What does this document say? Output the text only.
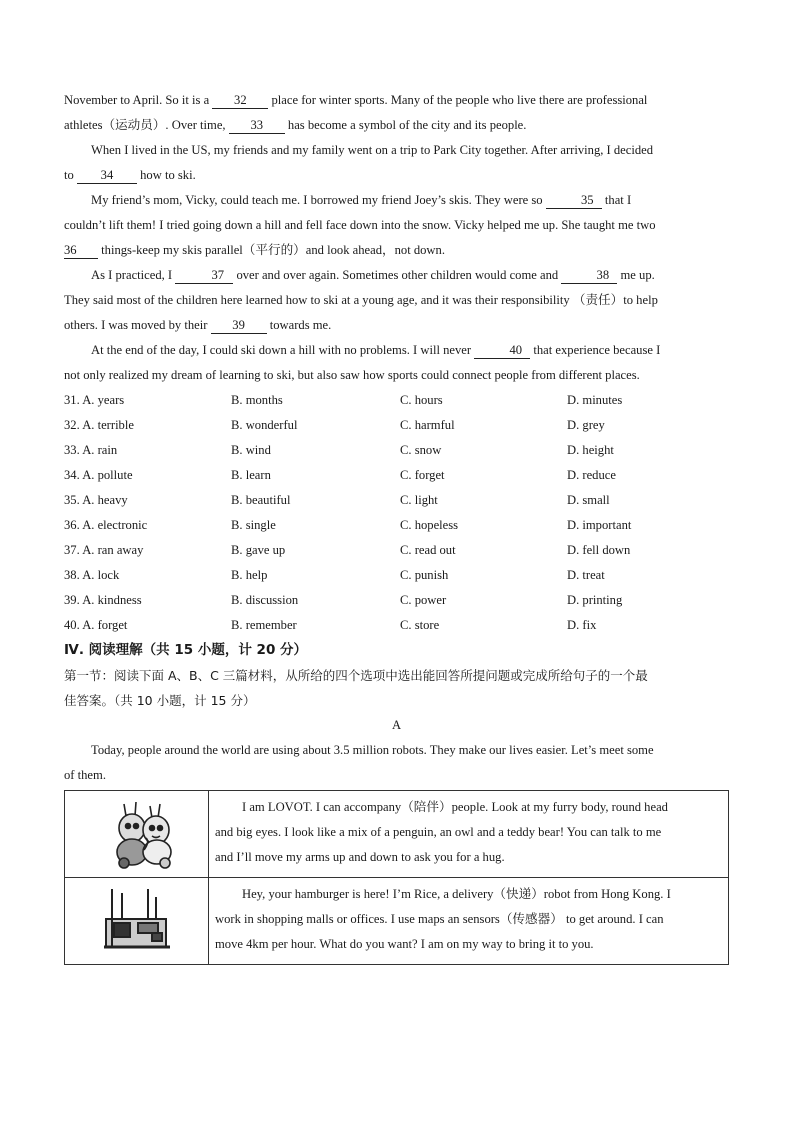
November to April. So it is a 32 place for winter sports. Many of the people who live there are professional

athletes（运动员）. Over time, 33 has become a symbol of the city and its people.

When I lived in the US, my friends and my family went on a trip to Park City together. After arriving, I decided

to 34 how to ski.

My friend’s mom, Vicky, could teach me. I borrowed my friend Joey’s skis. They were so	35 that I

couldn’t lift them! I tried going down a hill and fell face down into the snow. Vicky helped me up. She taught me two

36 things-keep my skis parallel（平行的）and look ahead，not down.

As I practiced, I	37 over and over again. Sometimes other children would come and	38 me up.

They said most of the children here learned how to ski at a young age, and it was their responsibility （责任）to help

others. I was moved by their 39 towards me.

At the end of the day, I could ski down a hill with no problems. I will never	40 that experience because I

not only realized my dream of learning to ski, but also saw how sports could connect people from different places.

31. A. years	B. months	C. hours	D. minutes
32. A. terrible	B. wonderful	C. harmful	D. grey
33. A. rain	B. wind	C. snow	D. height
34. A. pollute	B. learn	C. forget	D. reduce
35. A. heavy	B. beautiful	C. light	D. small
36. A. electronic	B. single	C. hopeless	D. important
37. A. ran away	B. gave up	C. read out	D. fell down
38. A. lock	B. help	C. punish	D. treat
39. A. kindness	B. discussion	C. power	D. printing
40. A. forget	B. remember	C. store	D. fix
Ⅳ. 阅读理解（共 15 小题，计 20 分）

第一节：阅读下面 A、B、C 三篇材料，从所给的四个选项中选出能回答所提问题或完成所给句子的一个最

佳答案。（共 10 小题，计 15 分）

A

Today, people around the world are using about 3.5 million robots. They make our lives easier. Let’s meet some

of them.

I am LOVOT. I can accompany（陪伴）people. Look at my furry body, round head

and big eyes. I look like a mix of a penguin, an owl and a teddy bear! You can talk to me

and I’ll move my arms up and down to ask you for a hug.

Hey, your hamburger is here! I’m Rice, a delivery（快递）robot from Hong Kong. I

work in shopping malls or offices. I use maps an sensors（传感器） to get around. I can

move 4km per hour. What do you want? I am on my way to bring it to you.
